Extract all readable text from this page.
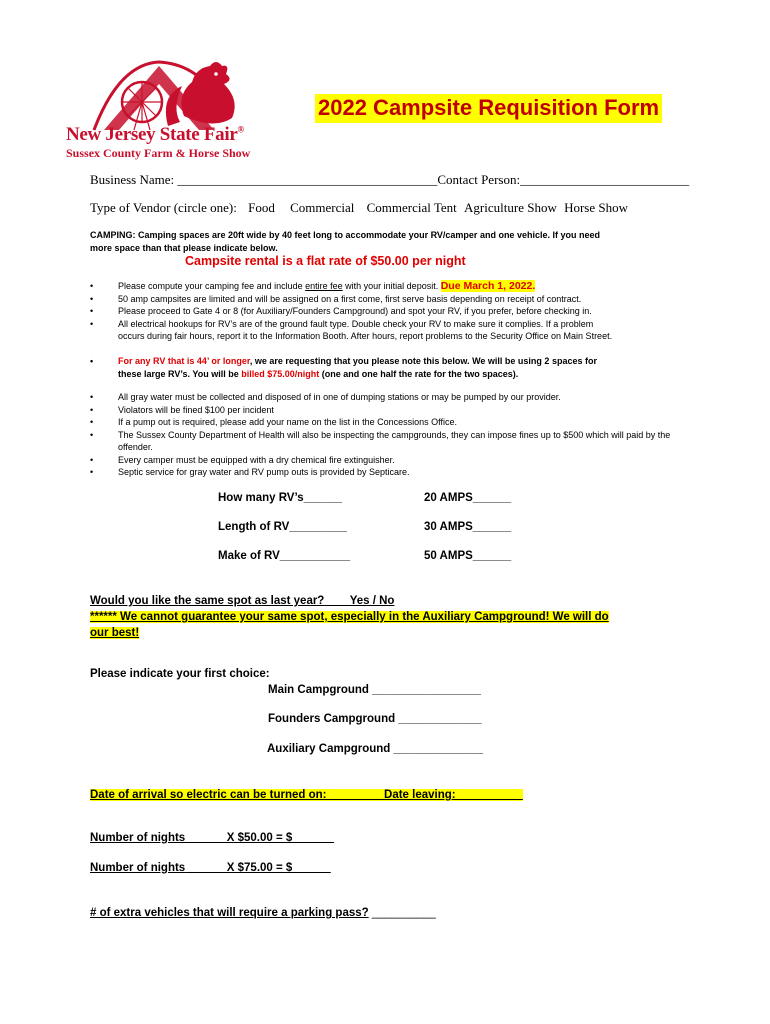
New Jersey State Fair®
Sussex County Farm & Horse Show
2022 Campsite Requisition Form
Business Name: ________________________________________Contact Person:__________________________
Type of Vendor (circle one): Food Commercial Commercial Tent Agriculture Show Horse Show
CAMPING: Camping spaces are 20ft wide by 40 feet long to accommodate your RV/camper and one vehicle. If you need
more space than that please indicate below.
Campsite rental is a flat rate of $50.00 per night
• Please compute your camping fee and include entire fee with your initial deposit. Due March 1, 2022.
• 50 amp campsites are limited and will be assigned on a first come, first serve basis depending on receipt of contract.
• Please proceed to Gate 4 or 8 (for Auxiliary/Founders Campground) and spot your RV, if you prefer, before checking in.
• All electrical hookups for RV’s are of the ground fault type. Double check your RV to make sure it complies. If a problem
occurs during fair hours, report it to the Information Booth. After hours, report problems to the Security Office on Main Street.
• For any RV that is 44’ or longer, we are requesting that you please note this below. We will be using 2 spaces for
these large RV’s. You will be billed $75.00/night (one and one half the rate for the two spaces).
• All gray water must be collected and disposed of in one of dumping stations or may be pumped by our provider.
• Violators will be fined $100 per incident
• If a pump out is required, please add your name on the list in the Concessions Office.
• The Sussex County Department of Health will also be inspecting the campgrounds, they can impose fines up to $500 which will paid by the offender.
• Every camper must be equipped with a dry chemical fire extinguisher.
• Septic service for gray water and RV pump outs is provided by Septicare.
How many RV’s______
Length of RV_________
Make of RV___________
20 AMPS______
30 AMPS______
50 AMPS______
Would you like the same spot as last year? Yes / No
****** We cannot guarantee your same spot, especially in the Auxiliary Campground! We will do
our best!
Please indicate your first choice:
Main Campground _________________
Founders Campground _____________
Auxiliary Campground ______________
Date of arrival so electric can be turned on: ________ Date leaving: __________
Number of nights ______X $50.00 = $ ______
Number of nights______ X $75.00 = $______
# of extra vehicles that will require a parking pass? __________
